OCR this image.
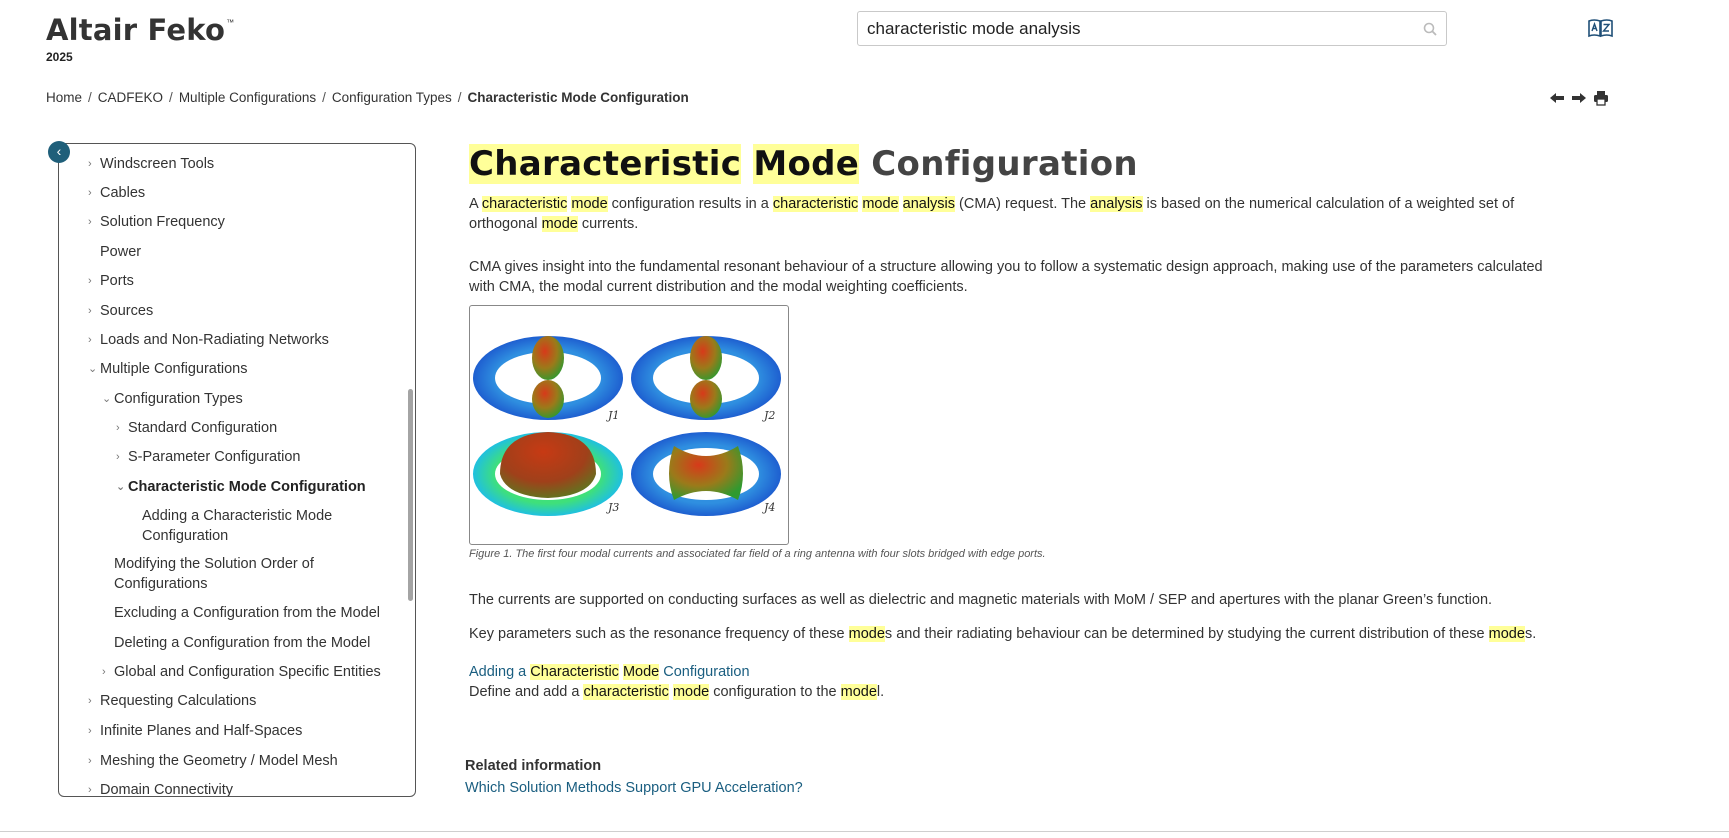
Altair Feko™
2025
characteristic mode analysis
Home / CADFEKO / Multiple Configurations / Configuration Types / Characteristic Mode Configuration
‹
› Windscreen Tools
› Cables
› Solution Frequency
Power
› Ports
› Sources
› Loads and Non-Radiating Networks
⌄ Multiple Configurations
⌄ Configuration Types
› Standard Configuration
› S-Parameter Configuration
⌄ Characteristic Mode Configuration
Adding a Characteristic Mode Configuration
Modifying the Solution Order of Configurations
Excluding a Configuration from the Model
Deleting a Configuration from the Model
› Global and Configuration Specific Entities
› Requesting Calculations
› Infinite Planes and Half-Spaces
› Meshing the Geometry / Model Mesh
› Domain Connectivity
Characteristic Mode Configuration

A characteristic mode configuration results in a characteristic mode analysis (CMA) request. The analysis is based on the numerical calculation of a weighted set of orthogonal mode currents.

CMA gives insight into the fundamental resonant behaviour of a structure allowing you to follow a systematic design approach, making use of the parameters calculated with CMA, the modal current distribution and the modal weighting coefficients.

J1	J2
J3	J4

Figure 1. The first four modal currents and associated far field of a ring antenna with four slots bridged with edge ports.

The currents are supported on conducting surfaces as well as dielectric and magnetic materials with MoM / SEP and apertures with the planar Green’s function.

Key parameters such as the resonance frequency of these modes and their radiating behaviour can be determined by studying the current distribution of these modes.

Adding a Characteristic Mode Configuration

Define and add a characteristic mode configuration to the model.

Related information
Which Solution Methods Support GPU Acceleration?
